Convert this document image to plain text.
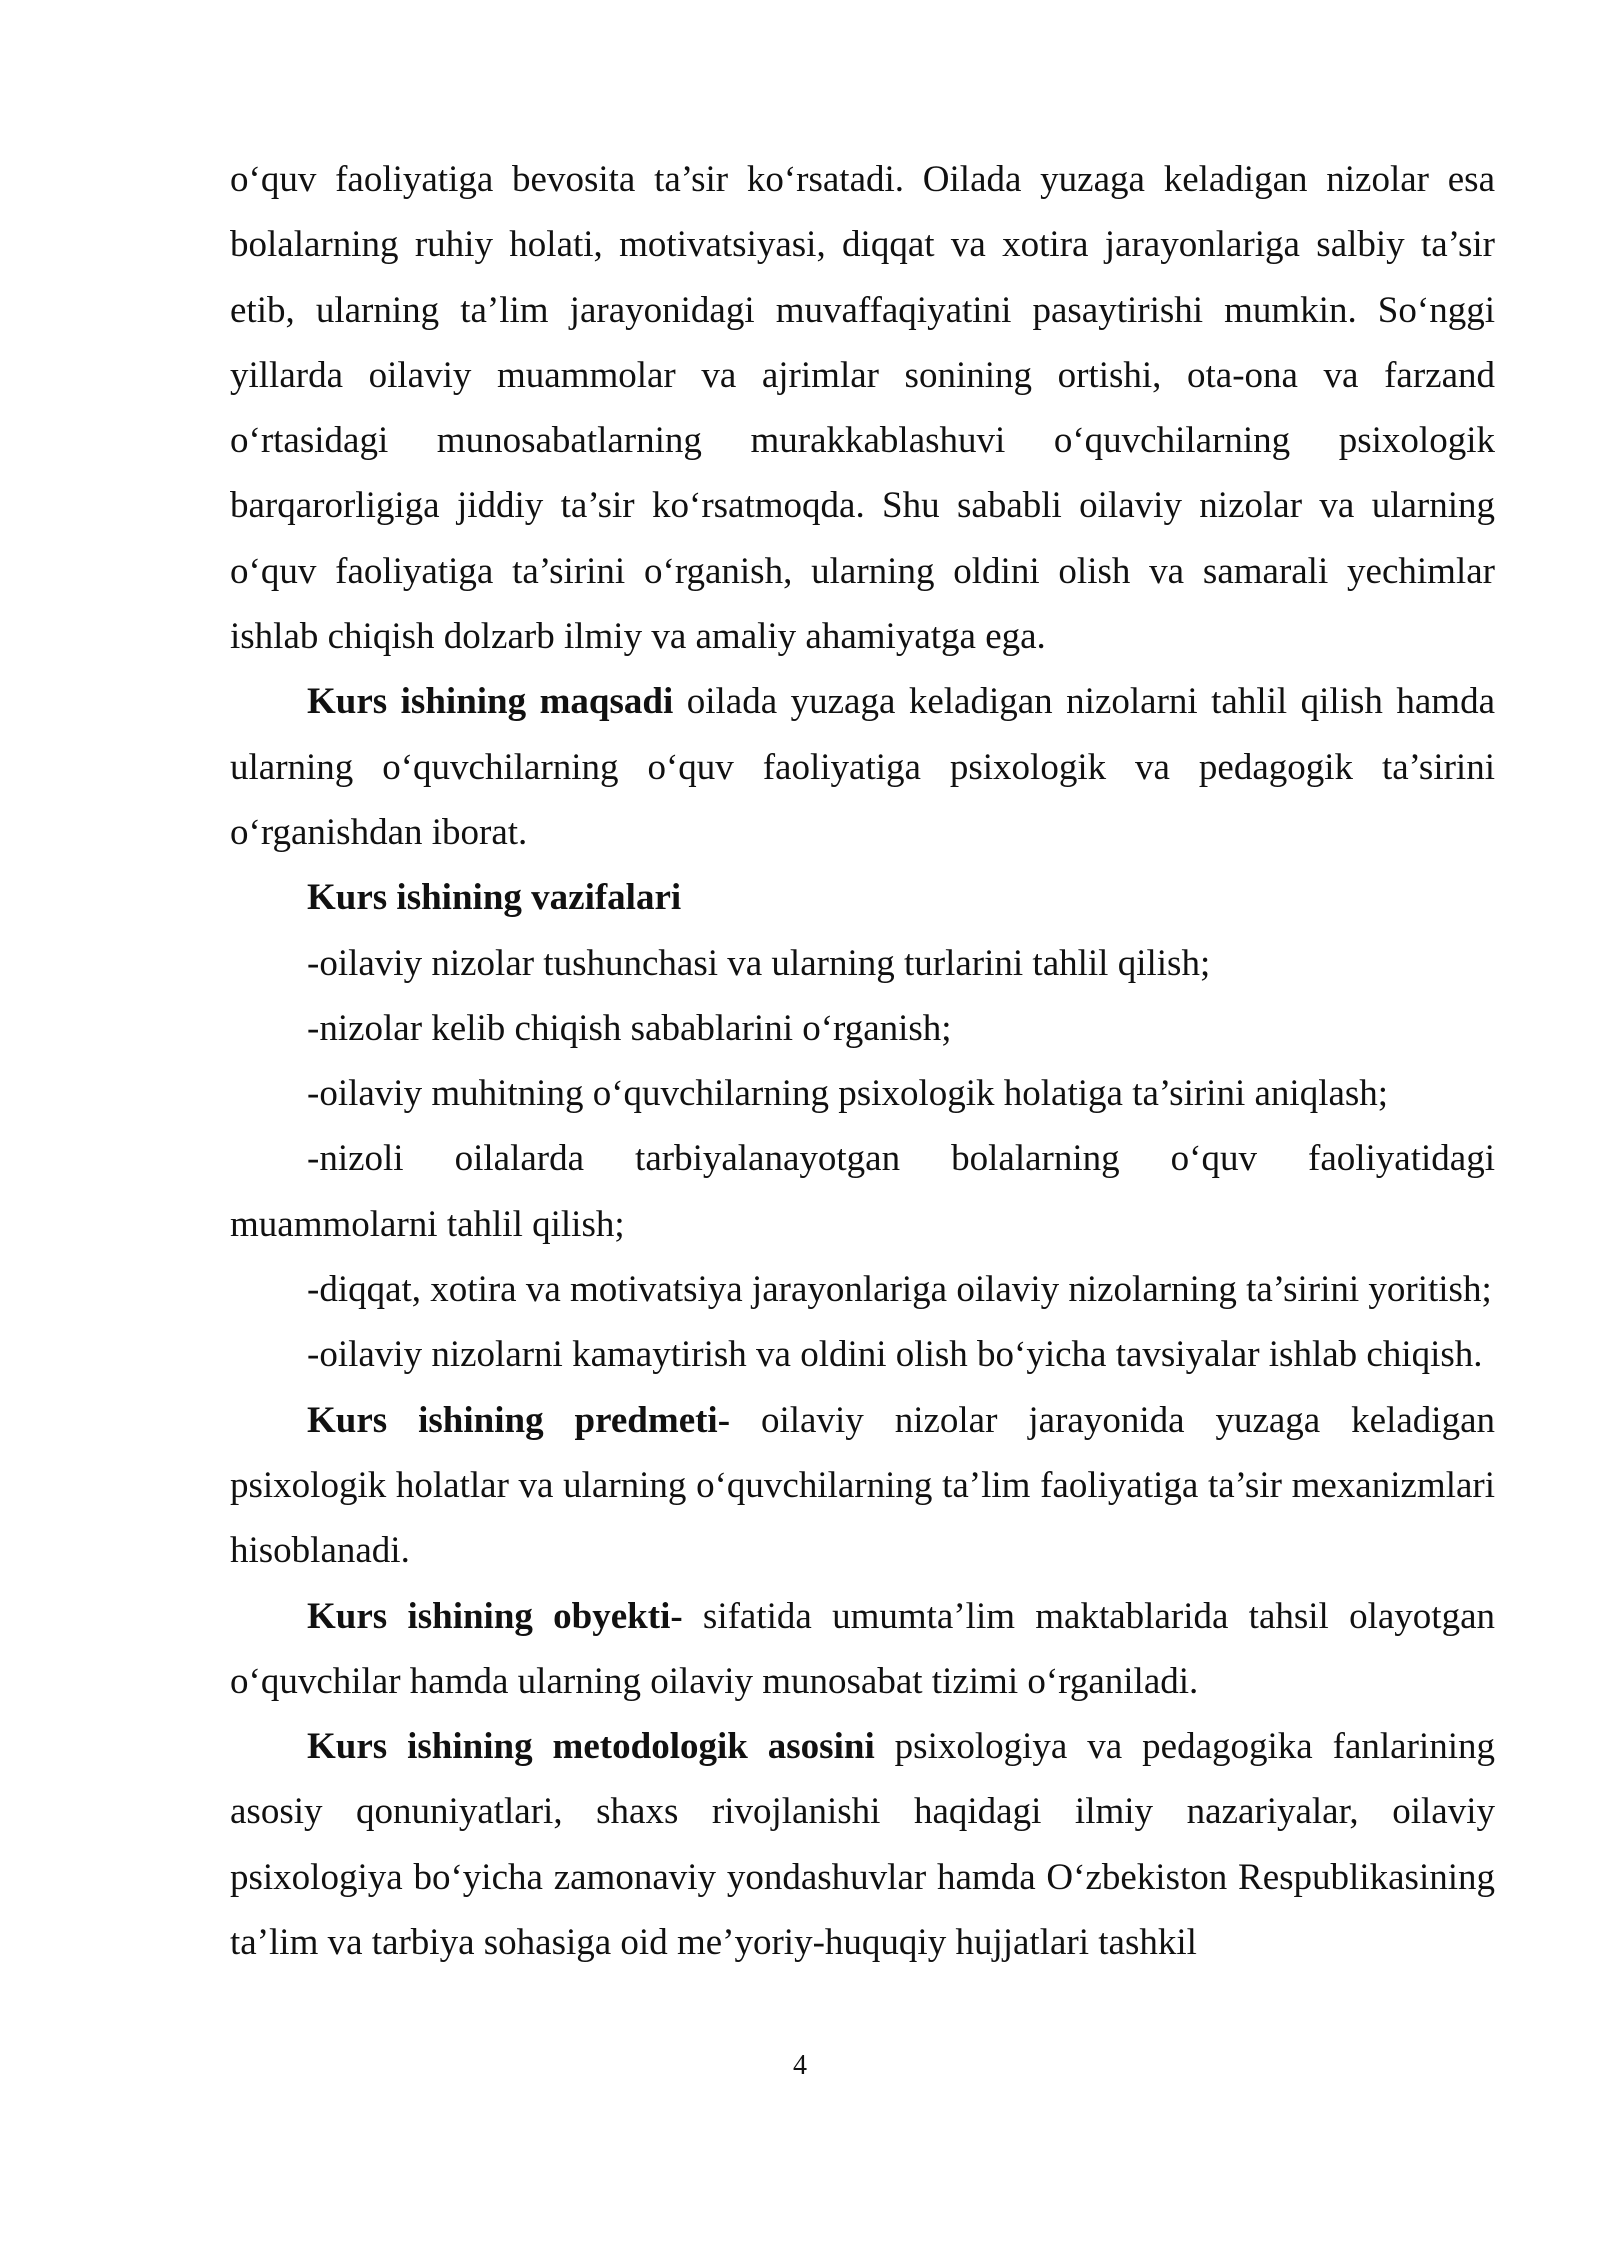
o‘quv faoliyatiga bevosita ta’sir ko‘rsatadi. Oilada yuzaga keladigan nizolar esa bolalarning ruhiy holati, motivatsiyasi, diqqat va xotira jarayonlariga salbiy ta’sir etib, ularning ta’lim jarayonidagi muvaffaqiyatini pasaytirishi mumkin. So‘nggi yillarda oilaviy muammolar va ajrimlar sonining ortishi, ota-ona va farzand o‘rtasidagi munosabatlarning murakkablashuvi o‘quvchilarning psixologik barqarorligiga jiddiy ta’sir ko‘rsatmoqda. Shu sababli oilaviy nizolar va ularning o‘quv faoliyatiga ta’sirini o‘rganish, ularning oldini olish va samarali yechimlar ishlab chiqish dolzarb ilmiy va amaliy ahamiyatga ega.

Kurs ishining maqsadi oilada yuzaga keladigan nizolarni tahlil qilish hamda ularning o‘quvchilarning o‘quv faoliyatiga psixologik va pedagogik ta’sirini o‘rganishdan iborat.

Kurs ishining vazifalari

-oilaviy nizolar tushunchasi va ularning turlarini tahlil qilish;

-nizolar kelib chiqish sabablarini o‘rganish;

-oilaviy muhitning o‘quvchilarning psixologik holatiga ta’sirini aniqlash;

-nizoli oilalarda tarbiyalanayotgan bolalarning o‘quv faoliyatidagi muammolarni tahlil qilish;

-diqqat, xotira va motivatsiya jarayonlariga oilaviy nizolarning ta’sirini yoritish;

-oilaviy nizolarni kamaytirish va oldini olish bo‘yicha tavsiyalar ishlab chiqish.

Kurs ishining predmeti- oilaviy nizolar jarayonida yuzaga keladigan psixologik holatlar va ularning o‘quvchilarning ta’lim faoliyatiga ta’sir mexanizmlari hisoblanadi.

Kurs ishining obyekti- sifatida umumta’lim maktablarida tahsil olayotgan o‘quvchilar hamda ularning oilaviy munosabat tizimi o‘rganiladi.

Kurs ishining metodologik asosini psixologiya va pedagogika fanlarining asosiy qonuniyatlari, shaxs rivojlanishi haqidagi ilmiy nazariyalar, oilaviy psixologiya bo‘yicha zamonaviy yondashuvlar hamda O‘zbekiston Respublikasining ta’lim va tarbiya sohasiga oid me’yoriy-huquqiy hujjatlari tashkil

4
